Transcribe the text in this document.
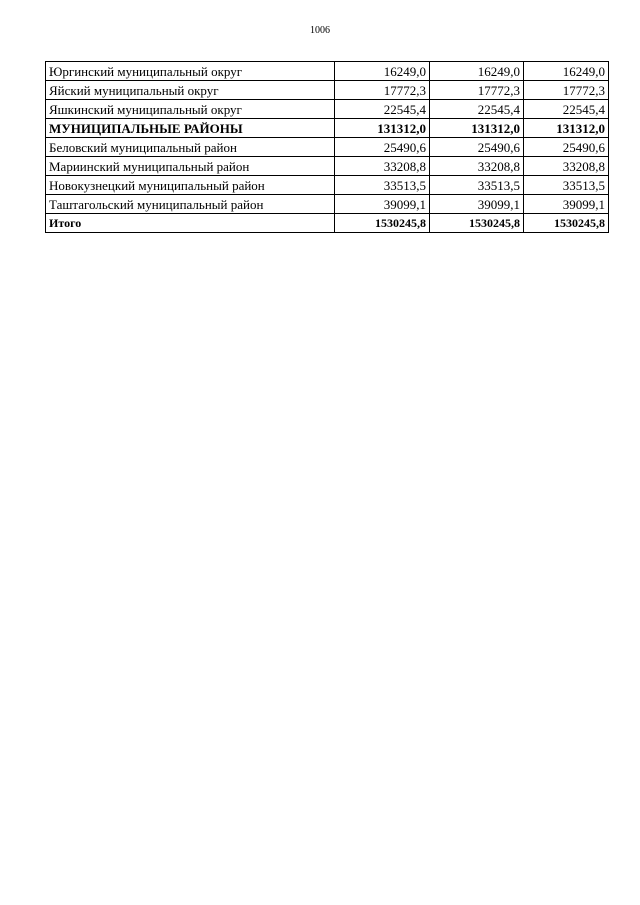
1006
Юргинский муниципальный округ	16249,0	16249,0	16249,0
Яйский муниципальный округ	17772,3	17772,3	17772,3
Яшкинский муниципальный округ	22545,4	22545,4	22545,4
МУНИЦИПАЛЬНЫЕ РАЙОНЫ	131312,0	131312,0	131312,0
Беловский муниципальный район	25490,6	25490,6	25490,6
Мариинский муниципальный район	33208,8	33208,8	33208,8
Новокузнецкий муниципальный район	33513,5	33513,5	33513,5
Таштагольский муниципальный район	39099,1	39099,1	39099,1
Итого	1530245,8	1530245,8	1530245,8
